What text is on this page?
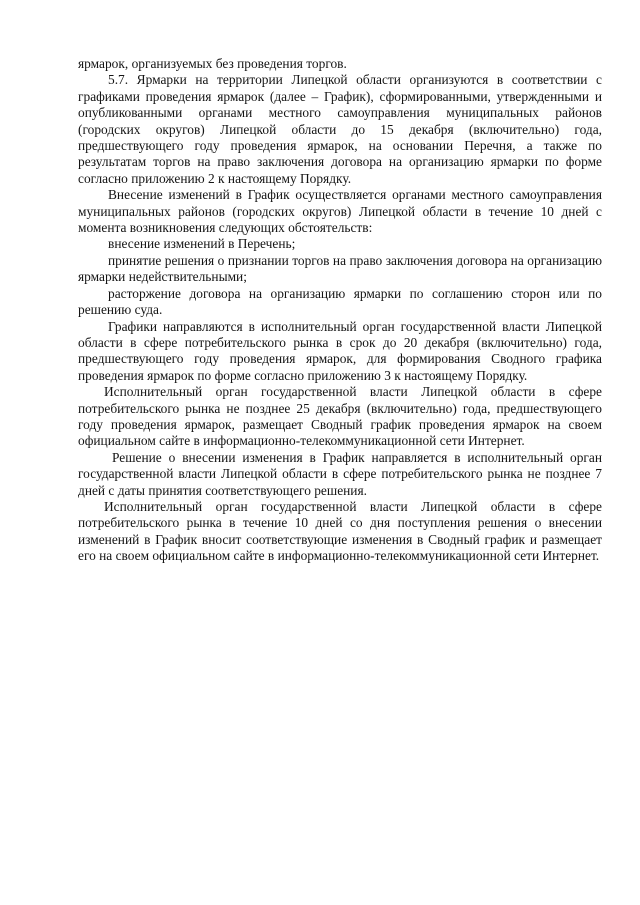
ярмарок, организуемых без проведения торгов.

5.7. Ярмарки на территории Липецкой области организуются в соответствии с графиками проведения ярмарок (далее – График), сформированными, утвержденными и опубликованными органами местного самоуправления муниципальных районов (городских округов) Липецкой области до 15 декабря (включительно) года, предшествующего году проведения ярмарок, на основании Перечня, а также по результатам торгов на право заключения договора на организацию ярмарки по форме согласно приложению 2 к настоящему Порядку.

Внесение изменений в График осуществляется органами местного самоуправления муниципальных районов (городских округов) Липецкой области в течение 10 дней с момента возникновения следующих обстоятельств:

внесение изменений в Перечень;

принятие решения о признании торгов на право заключения договора на организацию ярмарки недействительными;

расторжение договора на организацию ярмарки по соглашению сторон или по решению суда.

Графики направляются в исполнительный орган государственной власти Липецкой области в сфере потребительского рынка в срок до 20 декабря (включительно) года, предшествующего году проведения ярмарок, для формирования Сводного графика проведения ярмарок по форме согласно приложению 3 к настоящему Порядку.

Исполнительный орган государственной власти Липецкой области в сфере потребительского рынка не позднее 25 декабря (включительно) года, предшествующего году проведения ярмарок, размещает Сводный график проведения ярмарок на своем официальном сайте в информационно-телекоммуникационной сети Интернет.

Решение о внесении изменения в График направляется в исполнительный орган государственной власти Липецкой области в сфере потребительского рынка не позднее 7 дней с даты принятия соответствующего решения.

Исполнительный орган государственной власти Липецкой области в сфере потребительского рынка в течение 10 дней со дня поступления решения о внесении изменений в График вносит соответствующие изменения в Сводный график и размещает его на своем официальном сайте в информационно-телекоммуникационной сети Интернет.
